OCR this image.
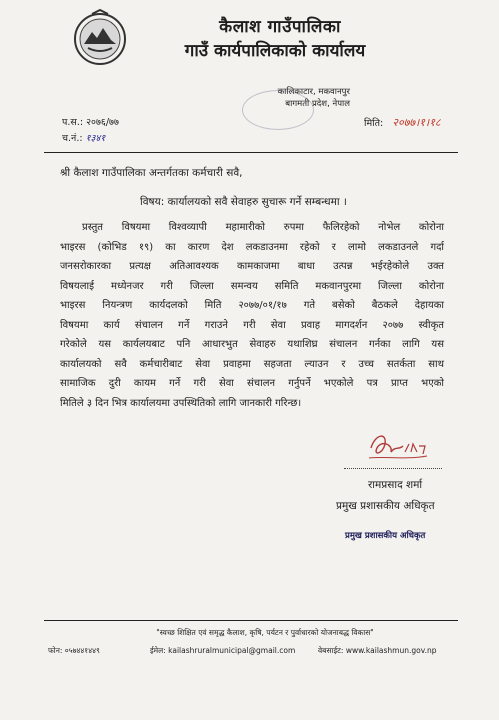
कैलाश गाउँपालिका
गाउँ कार्यपालिकाको कार्यालय
कालिकाटार, मकवानपुर
बागमती प्रदेश, नेपाल
प.स.: २०७६/७७
च.नं.: १३४१
मिति: २०७७।१।१८
श्री कैलाश गाउँपालिका अन्तर्गतका कर्मचारी सवै,
विषय: कार्यालयको सवै सेवाहरु सुचारू गर्ने सम्बन्धमा ।
प्रस्तुत विषयमा विश्वव्यापी महामारीको रुपमा फैलिरहेको नोभेल कोरोना
भाइरस (कोभिड १९) का कारण देश लकडाउनमा रहेको र लामो लकडाउनले गर्दा
जनसरोकारका प्रत्यक्ष अतिआवश्यक कामकाजमा बाधा उत्पन्न भईरहेकोले उक्त
विषयलाई मध्येनजर गरी जिल्ला समन्वय समिति मकवानपुरमा जिल्ला कोरोना
भाइरस नियन्त्रण कार्यदलको मिति २०७७/०१/१७ गते बसेको बैठकले देहायका
विषयमा कार्य संचालन गर्ने गराउने गरी सेवा प्रवाह मागदर्शन २०७७ स्वीकृत
गरेकोले यस कार्यलयबाट पनि आधारभुत सेवाहरु यथाशिघ्र संचालन गर्नका लागि यस
कार्यालयको सवै कर्मचारीबाट सेवा प्रवाहमा सहजता ल्याउन र उच्च सतर्कता साथ
सामाजिक दुरी कायम गर्ने गरी सेवा संचालन गर्नुपर्ने भएकोले पत्र प्राप्त भएको
मितिले ३ दिन भित्र कार्यालयमा उपस्थितिको लागि जानकारी गरिन्छ।
रामप्रसाद शर्मा
प्रमुख प्रशासकीय अधिकृत
प्रमुख प्रशासकीय अधिकृत
"स्वच्छ शिक्षित एवं समृद्ध कैलाश, कृषि, पर्यटन र पुर्वाधारको योजनाबद्ध विकास"
फोन: ०५७४४१४४९	ईमेल: kailashruralmunicipal@gmail.com	वेबसाईट: www.kailashmun.gov.np
